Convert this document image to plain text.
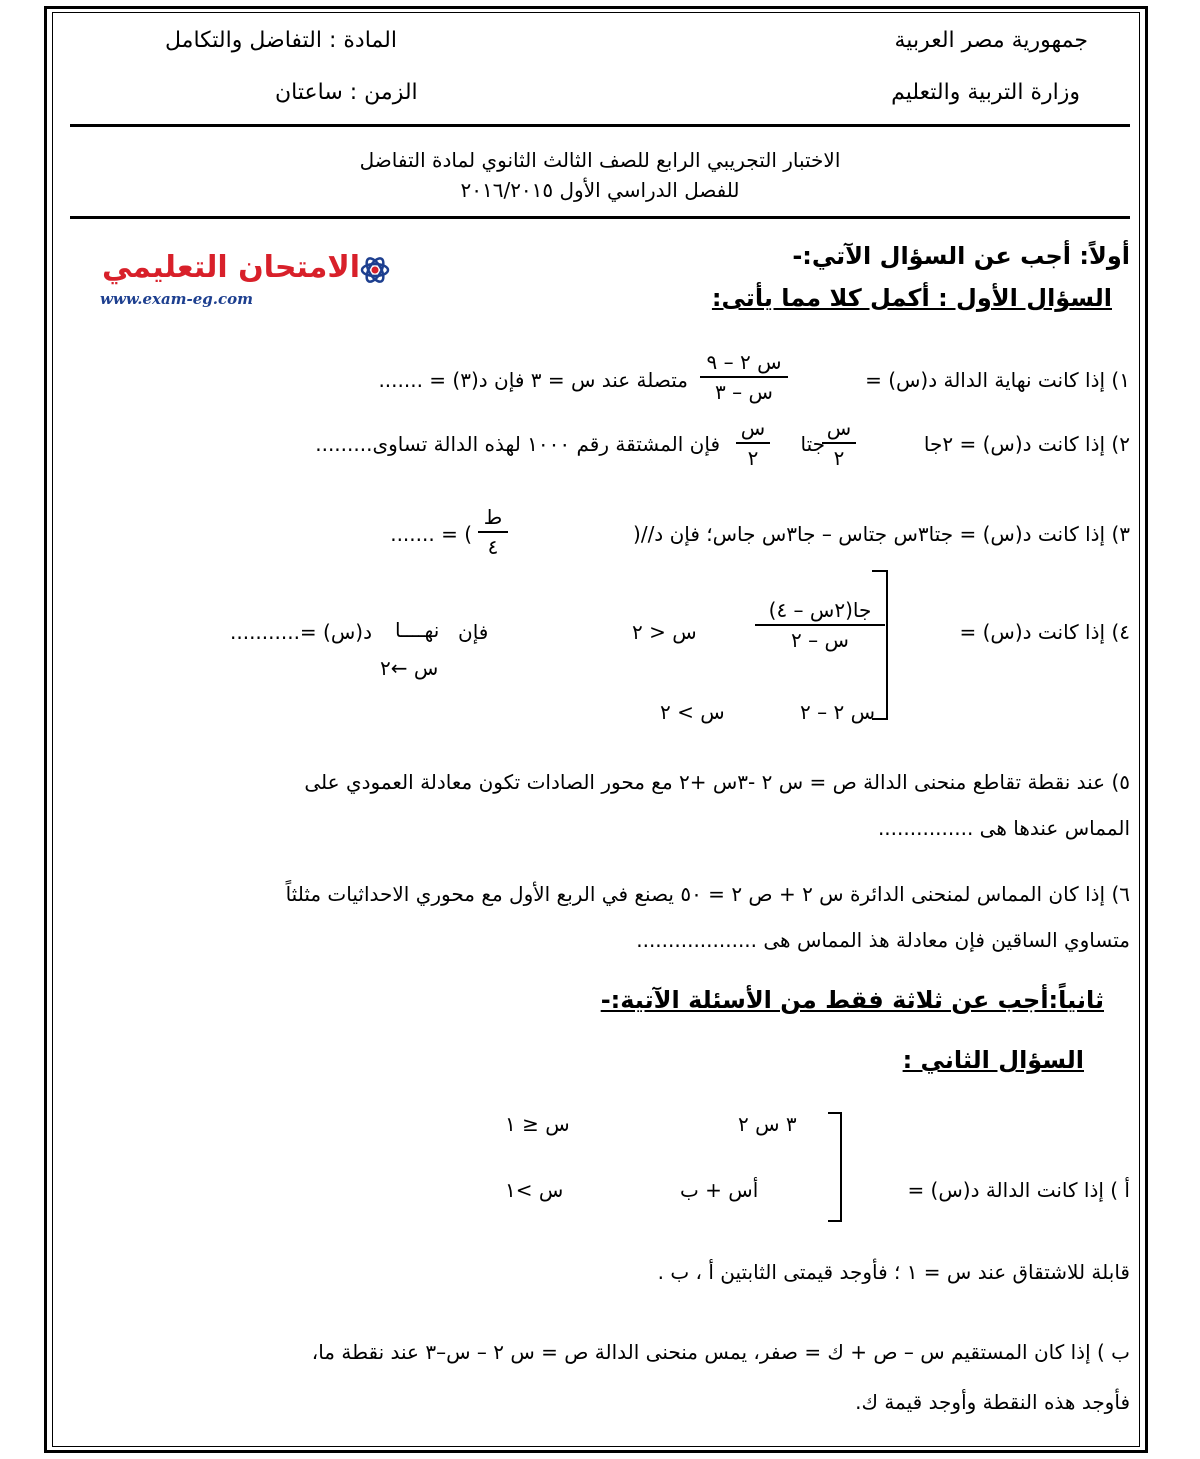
جمهورية مصر العربية
وزارة التربية والتعليم
المادة : التفاضل والتكامل
الزمن : ساعتان
الاختبار التجريبي الرابع للصف الثالث الثانوي لمادة التفاضل
للفصل الدراسي الأول ٢٠١٦/٢٠١٥
الامتحان التعليمي
www.exam-eg.com
أولاً: أجب عن السؤال الآتي:-
السؤال الأول : أكمل كلا مما يأتى:
١) إذا كانت نهاية الدالة د(س) =
س ٢ – ٩
س – ٣
متصلة عند س = ٣ فإن د(٣) = .......
٢) إذا كانت د(س) = ٢جا
س
٢
جتا
س
٢
فإن المشتقة رقم ١٠٠٠ لهذه الدالة تساوى.........
٣) إذا كانت د(س) = جتا٣س جتاس – جا٣س جاس؛ فإن د//(
ط
٤
) = .......
٤) إذا كانت د(س) =
جا(٢س – ٤)
س – ٢
س < ٢
س ٢ – ٢
س > ٢
فإن
نهــــا
س ←٢
د(س) =...........
٥) عند نقطة تقاطع منحنى الدالة ص = س ٢ -٣س +٢ مع محور الصادات تكون معادلة العمودي على
المماس عندها هى ...............
٦) إذا كان المماس لمنحنى الدائرة س ٢ + ص ٢ = ٥٠ يصنع في الربع الأول مع محوري الاحداثيات مثلثاً
متساوي الساقين فإن معادلة هذ المماس هى ...................
ثانياً:أجب عن ثلاثة فقط من الأسئلة الآتية:-
السؤال الثاني :
أ ) إذا كانت الدالة د(س) =
٣ س ٢
س ≤ ١
أس + ب
س >١
قابلة للاشتقاق عند س = ١ ؛ فأوجد قيمتى الثابتين أ ، ب .
ب ) إذا كان المستقيم س – ص + ك = صفر، يمس منحنى الدالة ص = س ٢ – س–٣ عند نقطة ما،
فأوجد هذه النقطة وأوجد قيمة ك.
